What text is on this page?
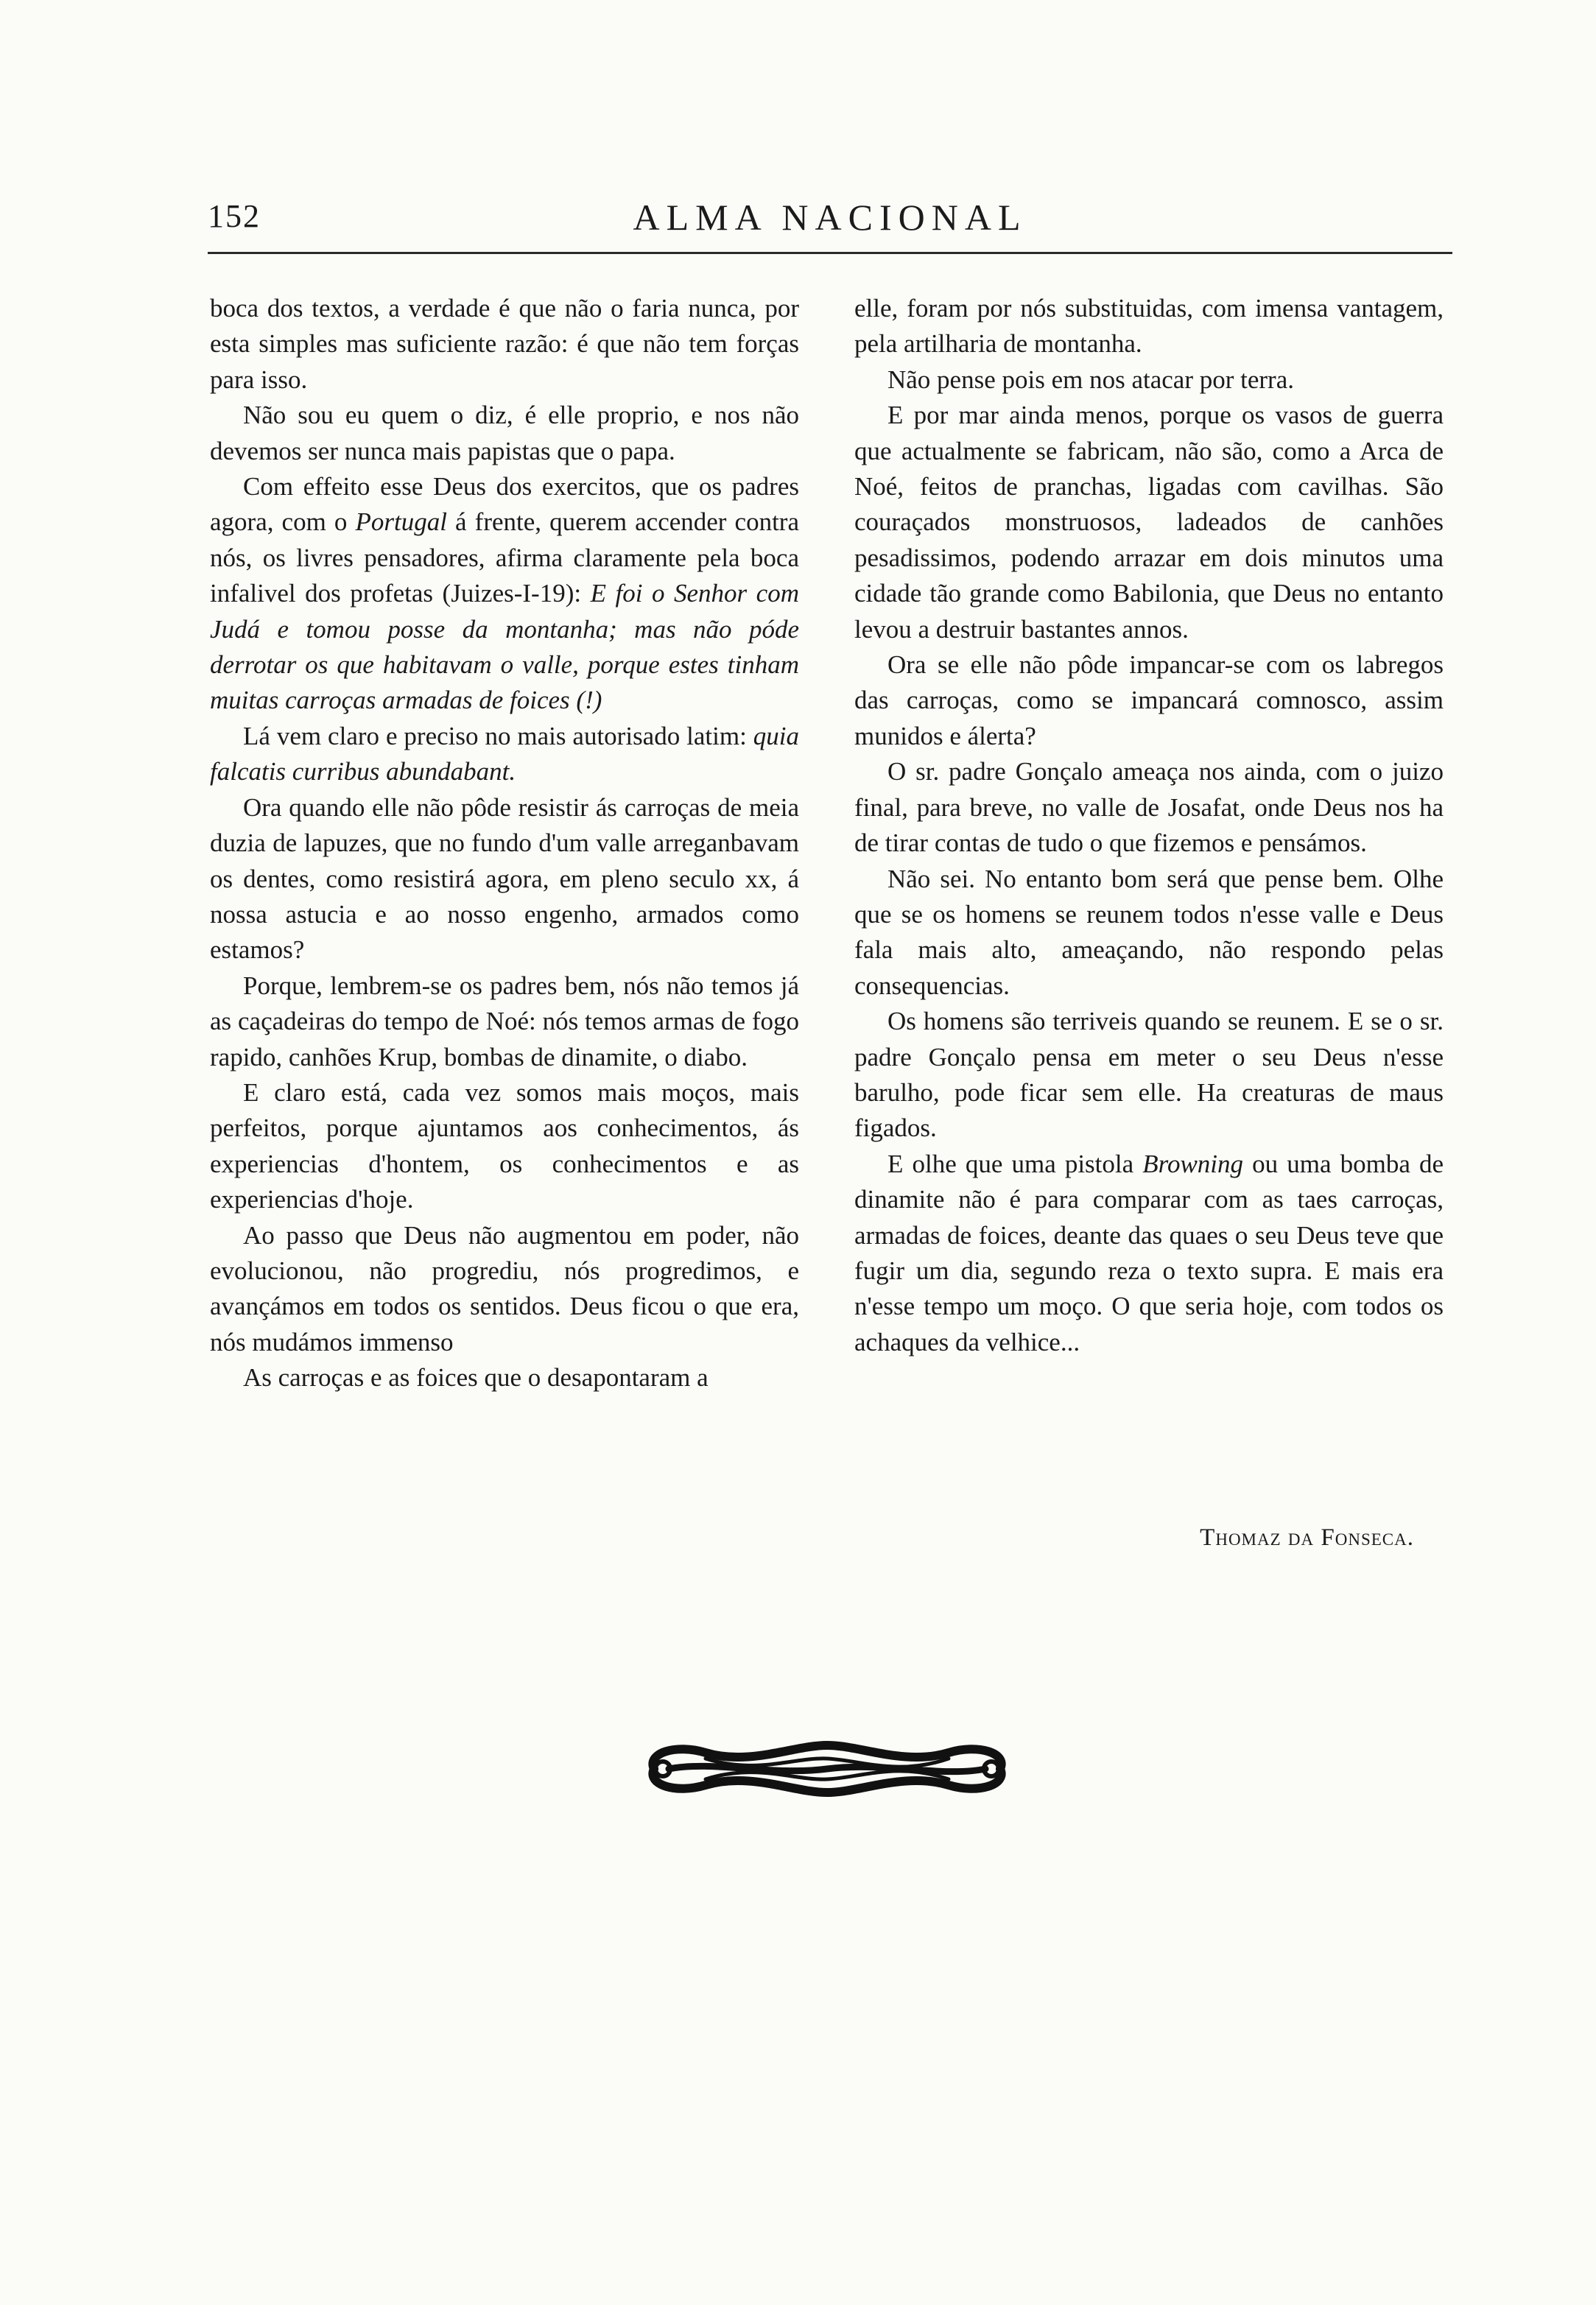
152	ALMA NACIONAL

boca dos textos, a verdade é que não o faria nunca, por esta simples mas suficiente razão: é que não tem forças para isso.

Não sou eu quem o diz, é elle proprio, e nos não devemos ser nunca mais papistas que o papa.

Com effeito esse Deus dos exercitos, que os padres agora, com o Portugal á frente, querem accender contra nós, os livres pensadores, afirma claramente pela boca infalivel dos profetas (Juizes-I-19): E foi o Senhor com Judá e tomou posse da montanha; mas não póde derrotar os que habitavam o valle, porque estes tinham muitas carroças armadas de foices (!)

Lá vem claro e preciso no mais autorisado latim: quia falcatis curribus abundabant.

Ora quando elle não pôde resistir ás carroças de meia duzia de lapuzes, que no fundo d'um valle arreganbavam os dentes, como resistirá agora, em pleno seculo xx, á nossa astucia e ao nosso engenho, armados como estamos?

Porque, lembrem-se os padres bem, nós não temos já as caçadeiras do tempo de Noé: nós temos armas de fogo rapido, canhões Krup, bombas de dinamite, o diabo.

E claro está, cada vez somos mais moços, mais perfeitos, porque ajuntamos aos conhecimentos, ás experiencias d'hontem, os conhecimentos e as experiencias d'hoje.

Ao passo que Deus não augmentou em poder, não evolucionou, não progrediu, nós progredimos, e avançámos em todos os sentidos. Deus ficou o que era, nós mudámos immenso

As carroças e as foices que o desapontaram a

elle, foram por nós substituidas, com imensa vantagem, pela artilharia de montanha.

Não pense pois em nos atacar por terra.

E por mar ainda menos, porque os vasos de guerra que actualmente se fabricam, não são, como a Arca de Noé, feitos de pranchas, ligadas com cavilhas. São couraçados monstruosos, ladeados de canhões pesadissimos, podendo arrazar em dois minutos uma cidade tão grande como Babilonia, que Deus no entanto levou a destruir bastantes annos.

Ora se elle não pôde impancar-se com os labregos das carroças, como se impancará comnosco, assim munidos e álerta?

O sr. padre Gonçalo ameaça nos ainda, com o juizo final, para breve, no valle de Josafat, onde Deus nos ha de tirar contas de tudo o que fizemos e pensámos.

Não sei. No entanto bom será que pense bem. Olhe que se os homens se reunem todos n'esse valle e Deus fala mais alto, ameaçando, não respondo pelas consequencias.

Os homens são terriveis quando se reunem. E se o sr. padre Gonçalo pensa em meter o seu Deus n'esse barulho, pode ficar sem elle. Ha creaturas de maus figados.

E olhe que uma pistola Browning ou uma bomba de dinamite não é para comparar com as taes carroças, armadas de foices, deante das quaes o seu Deus teve que fugir um dia, segundo reza o texto supra. E mais era n'esse tempo um moço. O que seria hoje, com todos os achaques da velhice...

Thomaz da Fonseca.
